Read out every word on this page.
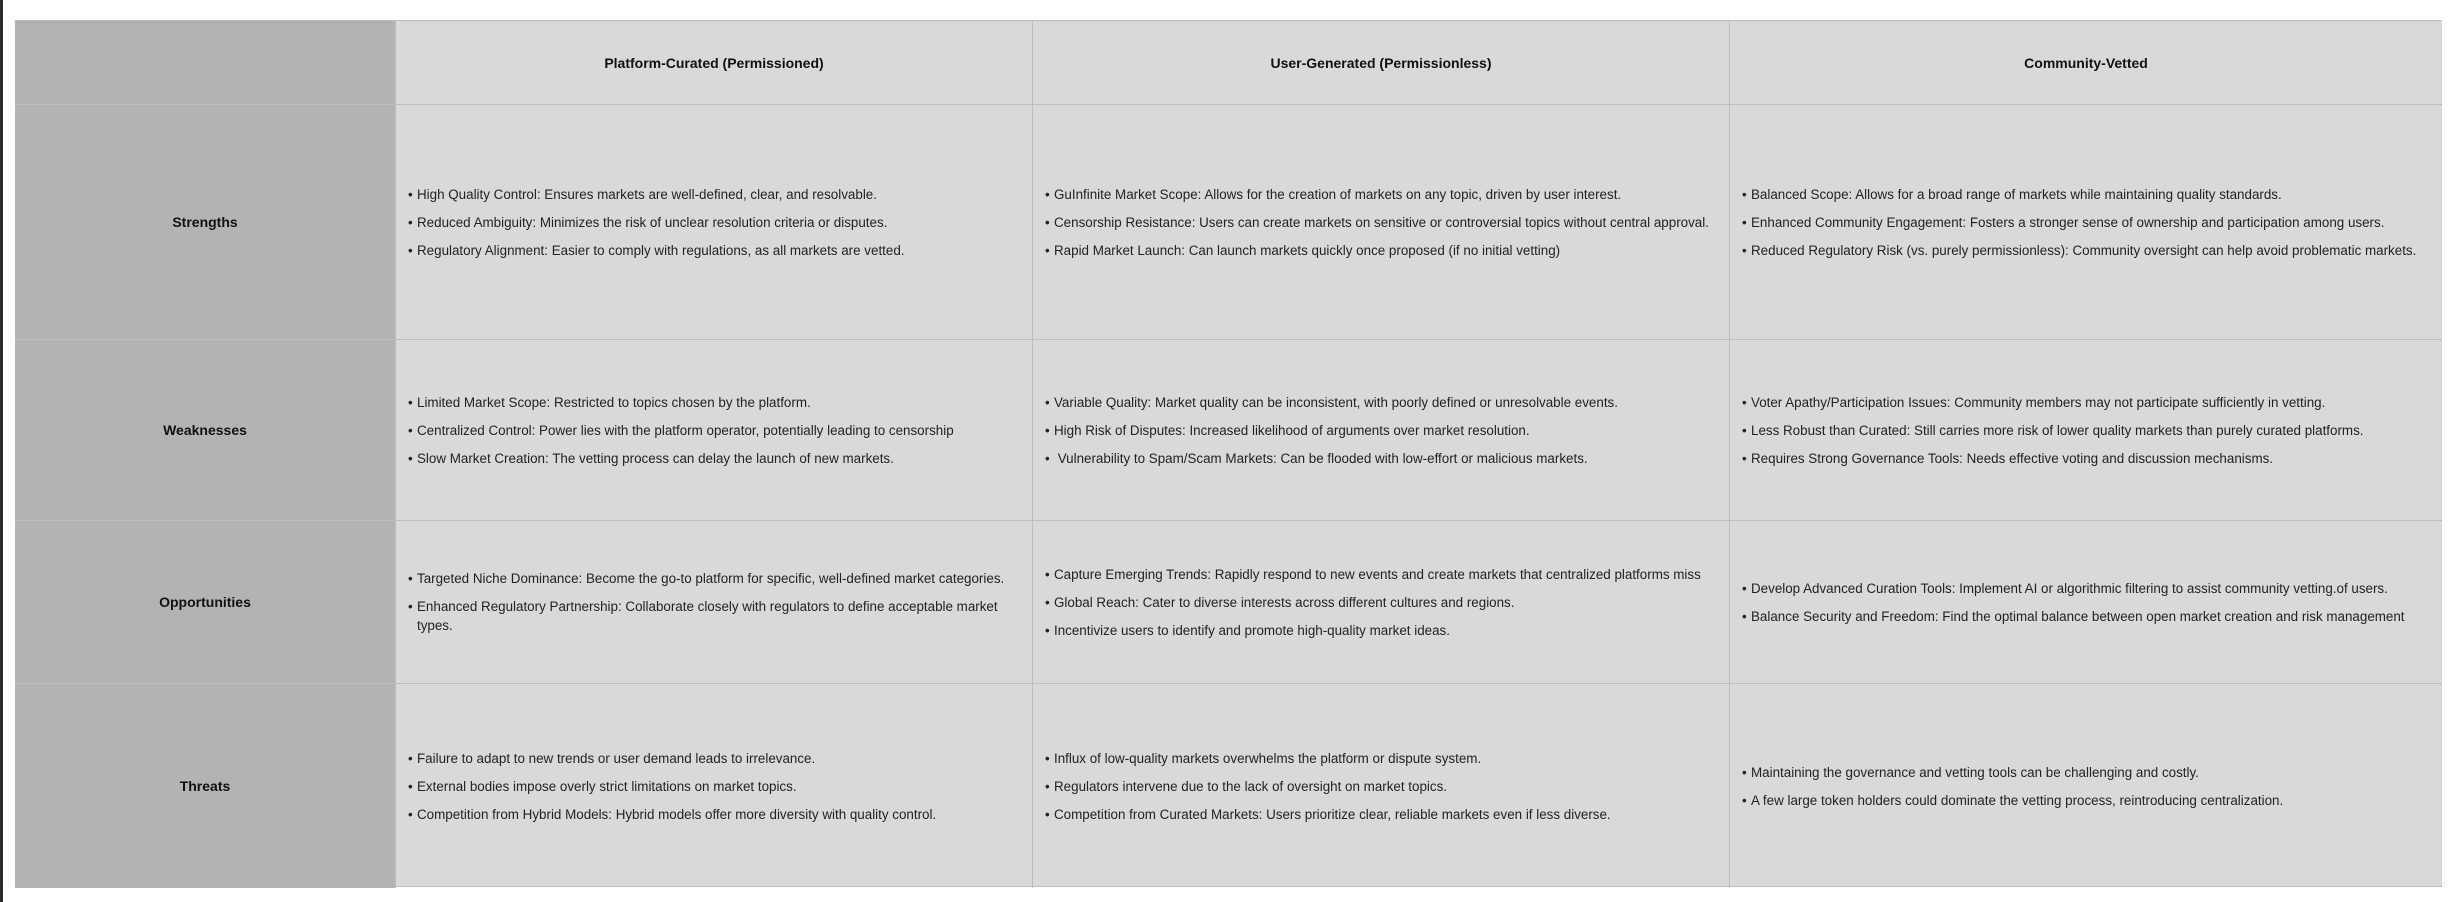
Platform-Curated (Permissioned)	User-Generated (Permissionless)	Community-Vetted
Strengths
• High Quality Control: Ensures markets are well-defined, clear, and resolvable.
• Reduced Ambiguity: Minimizes the risk of unclear resolution criteria or disputes.
• Regulatory Alignment: Easier to comply with regulations, as all markets are vetted.
• GuInfinite Market Scope: Allows for the creation of markets on any topic, driven by user interest.
• Censorship Resistance: Users can create markets on sensitive or controversial topics without central approval.
• Rapid Market Launch: Can launch markets quickly once proposed (if no initial vetting)
• Balanced Scope: Allows for a broad range of markets while maintaining quality standards.
• Enhanced Community Engagement: Fosters a stronger sense of ownership and participation among users.
• Reduced Regulatory Risk (vs. purely permissionless): Community oversight can help avoid problematic markets.
Weaknesses
• Limited Market Scope: Restricted to topics chosen by the platform.
• Centralized Control: Power lies with the platform operator, potentially leading to censorship
• Slow Market Creation: The vetting process can delay the launch of new markets.
• Variable Quality: Market quality can be inconsistent, with poorly defined or unresolvable events.
• High Risk of Disputes: Increased likelihood of arguments over market resolution.
• Vulnerability to Spam/Scam Markets: Can be flooded with low-effort or malicious markets.
• Voter Apathy/Participation Issues: Community members may not participate sufficiently in vetting.
• Less Robust than Curated: Still carries more risk of lower quality markets than purely curated platforms.
• Requires Strong Governance Tools: Needs effective voting and discussion mechanisms.
Opportunities
• Targeted Niche Dominance: Become the go-to platform for specific, well-defined market categories.
• Enhanced Regulatory Partnership: Collaborate closely with regulators to define acceptable market types.
• Capture Emerging Trends: Rapidly respond to new events and create markets that centralized platforms miss
• Global Reach: Cater to diverse interests across different cultures and regions.
• Incentivize users to identify and promote high-quality market ideas.
• Develop Advanced Curation Tools: Implement AI or algorithmic filtering to assist community vetting.of users.
• Balance Security and Freedom: Find the optimal balance between open market creation and risk management
Threats
• Failure to adapt to new trends or user demand leads to irrelevance.
• External bodies impose overly strict limitations on market topics.
• Competition from Hybrid Models: Hybrid models offer more diversity with quality control.
• Influx of low-quality markets overwhelms the platform or dispute system.
• Regulators intervene due to the lack of oversight on market topics.
• Competition from Curated Markets: Users prioritize clear, reliable markets even if less diverse.
• Maintaining the governance and vetting tools can be challenging and costly.
• A few large token holders could dominate the vetting process, reintroducing centralization.
